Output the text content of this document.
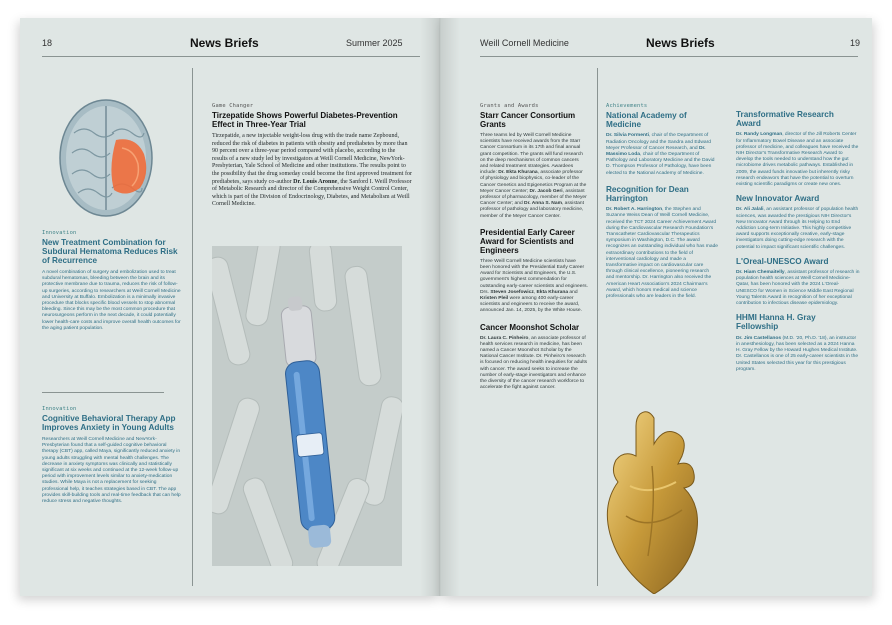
18	News Briefs	Summer 2025
Innovation
New Treatment Combination for Subdural Hematoma Reduces Risk of Recurrence
A novel combination of surgery and embolization used to treat subdural hematomas, bleeding between the brain and its protective membrane due to trauma, reduces the risk of follow-up surgeries, according to researchers at Weill Cornell Medicine and University at Buffalo. Embolization is a minimally invasive procedure that blocks specific blood vessels to stop abnormal bleeding. Since this may be the most common procedure that neurosurgeons perform in the next decade, it could potentially lower health-care costs and improve overall health outcomes for the aging patient population.
Innovation
Cognitive Behavioral Therapy App Improves Anxiety in Young Adults
Researchers at Weill Cornell Medicine and NewYork-Presbyterian found that a self-guided cognitive behavioral therapy (CBT) app, called Maya, significantly reduced anxiety in young adults struggling with mental health challenges. The decrease in anxiety symptoms was clinically and statistically significant at six weeks and continued at the 12-week follow-up period with improvement levels similar to anxiety-medication studies. While Maya is not a replacement for seeking professional help, it teaches strategies based in CBT. The app provides skill-building tools and real-time feedback that can help reduce stress and negative thoughts.
Game Changer
Tirzepatide Shows Powerful Diabetes-Prevention Effect in Three-Year Trial
Tirzepatide, a new injectable weight-loss drug with the trade name Zepbound, reduced the risk of diabetes in patients with obesity and prediabetes by more than 90 percent over a three-year period compared with placebo, according to the results of a new study led by investigators at Weill Cornell Medicine, NewYork-Presbyterian, Yale School of Medicine and other institutions. The results point to the possibility that the drug someday could become the first approved treatment for prediabetes, says study co-author Dr. Louis Aronne, the Sanford I. Weill Professor of Metabolic Research and director of the Comprehensive Weight Control Center, which is part of the Division of Endocrinology, Diabetes, and Metabolism at Weill Cornell Medicine.
Weill Cornell Medicine	News Briefs	19
Grants and Awards
Starr Cancer Consortium Grants
Three teams led by Weill Cornell Medicine scientists have received awards from the Starr Cancer Consortium in its 17th and final annual grant competition. The grants will fund research on the deep mechanisms of common cancers and related treatment strategies. Awardees include: Dr. Ekta Khurana, associate professor of physiology and biophysics, co-leader of the Cancer Genetics and Epigenetics Program at the Meyer Cancer Center; Dr. Jacob Geri, assistant professor of pharmacology, member of the Meyer Cancer Center; and Dr. Anna S. Nam, assistant professor of pathology and laboratory medicine, member of the Meyer Cancer Center.
Presidential Early Career Award for Scientists and Engineers
Three Weill Cornell Medicine scientists have been honored with the Presidential Early Career Award for Scientists and Engineers, the U.S. government's highest commendation for outstanding early-career scientists and engineers. Drs. Steven Josefowicz, Ekta Khurana and Kristen Pleil were among 400 early-career scientists and engineers to receive the award, announced Jan. 14, 2025, by the White House.
Cancer Moonshot Scholar
Dr. Laura C. Pinheiro, an associate professor of health services research in medicine, has been named a Cancer Moonshot Scholar by the National Cancer Institute. Dr. Pinheiro's research is focused on reducing health inequities for adults with cancer. The award seeks to increase the number of early-stage investigators and enhance the diversity of the cancer research workforce to accelerate the fight against cancer.
Achievements
National Academy of Medicine
Dr. Silvia Formenti, chair of the Department of Radiation Oncology and the Sandra and Edward Meyer Professor of Cancer Research, and Dr. Massimo Loda, chair of the Department of Pathology and Laboratory Medicine and the David D. Thompson Professor of Pathology, have been elected to the National Academy of Medicine.
Recognition for Dean Harrington
Dr. Robert A. Harrington, the Stephen and Suzanne Weiss Dean of Weill Cornell Medicine, received the TCT 2024 Career Achievement Award during the Cardiovascular Research Foundation's Transcatheter Cardiovascular Therapeutics symposium in Washington, D.C. The award recognizes an outstanding individual who has made extraordinary contributions to the field of interventional cardiology and made a transformative impact on cardiovascular care through clinical excellence, pioneering research and mentorship. Dr. Harrington also received the American Heart Association's 2024 Chairman's Award, which honors medical and science professionals who are leaders in the field.
Transformative Research Award
Dr. Randy Longman, director of the Jill Roberts Center for Inflammatory Bowel Disease and an associate professor of medicine, and colleagues have received the NIH Director's Transformative Research Award to develop the tools needed to understand how the gut microbiome drives metabolic pathways. Established in 2009, the award funds innovative but inherently risky research endeavors that have the potential to overturn existing scientific paradigms or create new ones.
New Innovator Award
Dr. Ali Jalali, an assistant professor of population health sciences, was awarded the prestigious NIH Director's New Innovator Award through its Helping to End Addiction Long-term Initiative. This highly competitive award supports exceptionally creative, early-stage investigators doing cutting-edge research with the potential to impact significant scientific challenges.
L'Oreal-UNESCO Award
Dr. Hiam Chemaitelly, assistant professor of research in population health sciences at Weill Cornell Medicine-Qatar, has been honored with the 2024 L'Oreal-UNESCO for Women in Science Middle East Regional Young Talents Award in recognition of her exceptional contribution to infectious disease epidemiology.
HHMI Hanna H. Gray Fellowship
Dr. Jim Castellanos (M.D. '20, Ph.D. '18), an instructor in anesthesiology, has been selected as a 2024 Hanna H. Gray Fellow by the Howard Hughes Medical Institute. Dr. Castellanos is one of 25 early-career scientists in the United States selected this year for this prestigious program.
